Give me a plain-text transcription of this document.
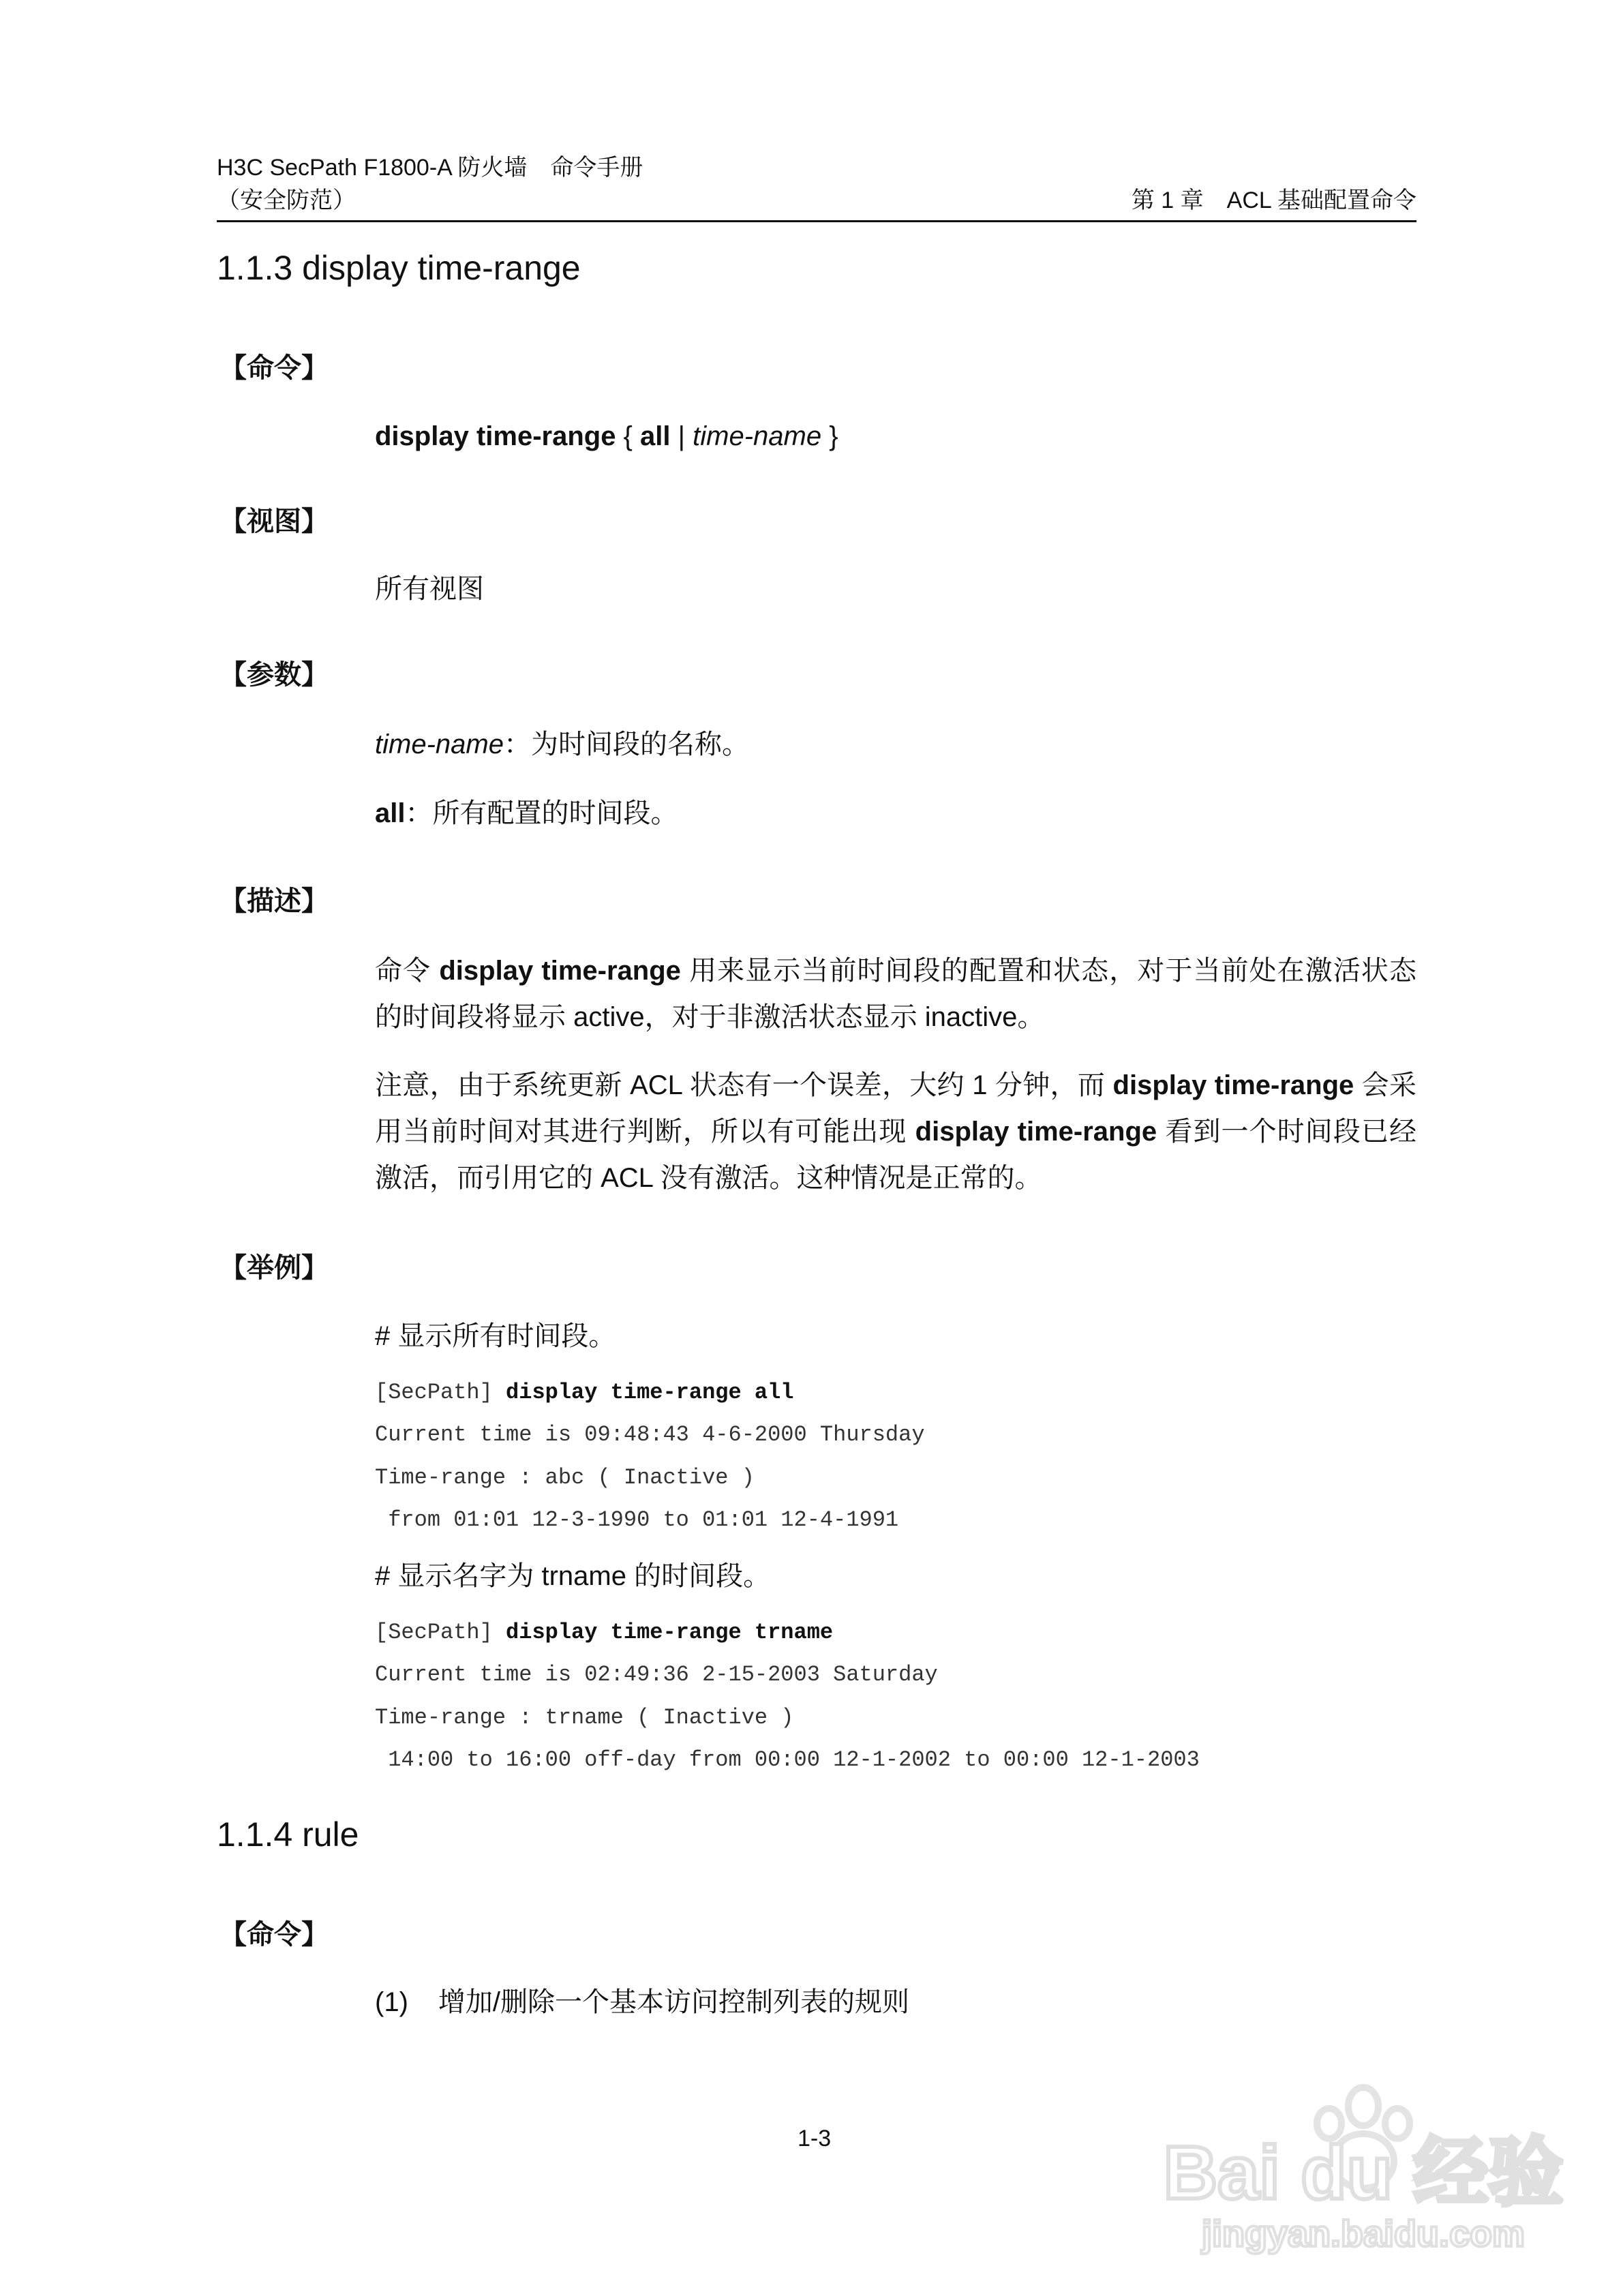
H3C SecPath F1800-A 防火墙　命令手册
（安全防范）	第 1 章　ACL 基础配置命令
1.1.3 display time-range
【命令】
display time-range { all | time-name }
【视图】
所有视图
【参数】
time-name：为时间段的名称。
all：所有配置的时间段。
【描述】
命令 display time-range 用来显示当前时间段的配置和状态，对于当前处在激活状态的时间段将显示 active，对于非激活状态显示 inactive。
注意，由于系统更新 ACL 状态有一个误差，大约 1 分钟，而 display time-range 会采用当前时间对其进行判断，所以有可能出现 display time-range 看到一个时间段已经激活，而引用它的 ACL 没有激活。这种情况是正常的。
【举例】
# 显示所有时间段。
[SecPath] display time-range all
Current time is 09:48:43 4-6-2000 Thursday
Time-range : abc ( Inactive )
from 01:01 12-3-1990 to 01:01 12-4-1991
# 显示名字为 trname 的时间段。
[SecPath] display time-range trname
Current time is 02:49:36 2-15-2003 Saturday
Time-range : trname ( Inactive )
14:00 to 16:00 off-day from 00:00 12-1-2002 to 00:00 12-1-2003
1.1.4 rule
【命令】
(1) 增加/删除一个基本访问控制列表的规则
1-3	Bai du 经验
jingyan.baidu.com
